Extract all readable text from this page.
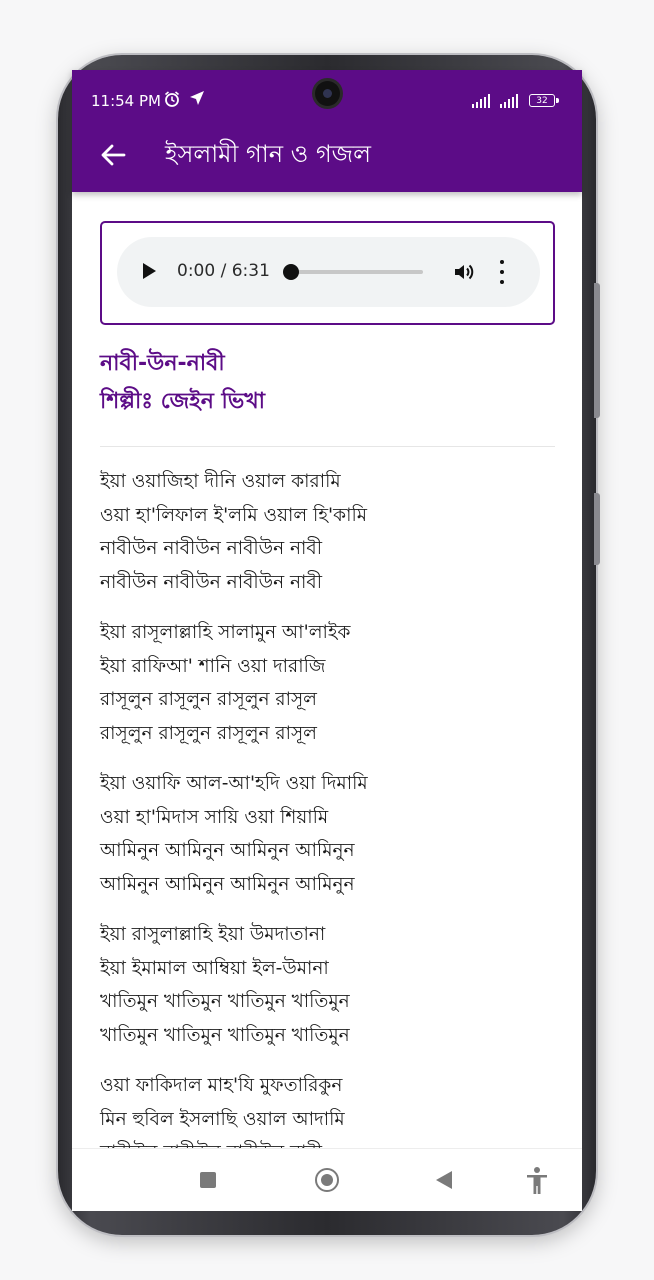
11:54 PM	32
ইসলামী গান ও গজল
0:00 / 6:31
নাবী-উন-নাবী
শিল্পীঃ জেইন ভিখা
ইয়া ওয়াজিহা দীনি ওয়াল কারামি
ওয়া হা'লিফাল ই'লমি ওয়াল হি'কামি
নাবীউন নাবীউন নাবীউন নাবী
নাবীউন নাবীউন নাবীউন নাবী
ইয়া রাসূলাল্লাহি সালামুন আ'লাইক
ইয়া রাফিআ' শানি ওয়া দারাজি
রাসূলুন রাসূলুন রাসূলুন রাসূল
রাসূলুন রাসূলুন রাসূলুন রাসূল
ইয়া ওয়াফি আল-আ'হদি ওয়া দিমামি
ওয়া হা'মিদাস সায়ি ওয়া শিয়ামি
আমিনুন আমিনুন আমিনুন আমিনুন
আমিনুন আমিনুন আমিনুন আমিনুন
ইয়া রাসুলাল্লাহি ইয়া উমদাতানা
ইয়া ইমামাল আম্বিয়া ইল-উমানা
খাতিমুন খাতিমুন খাতিমুন খাতিমুন
খাতিমুন খাতিমুন খাতিমুন খাতিমুন
ওয়া ফাকিদাল মাহ'যি মুফতারিকুন
মিন হুবিল ইসলাছি ওয়াল আদামি
